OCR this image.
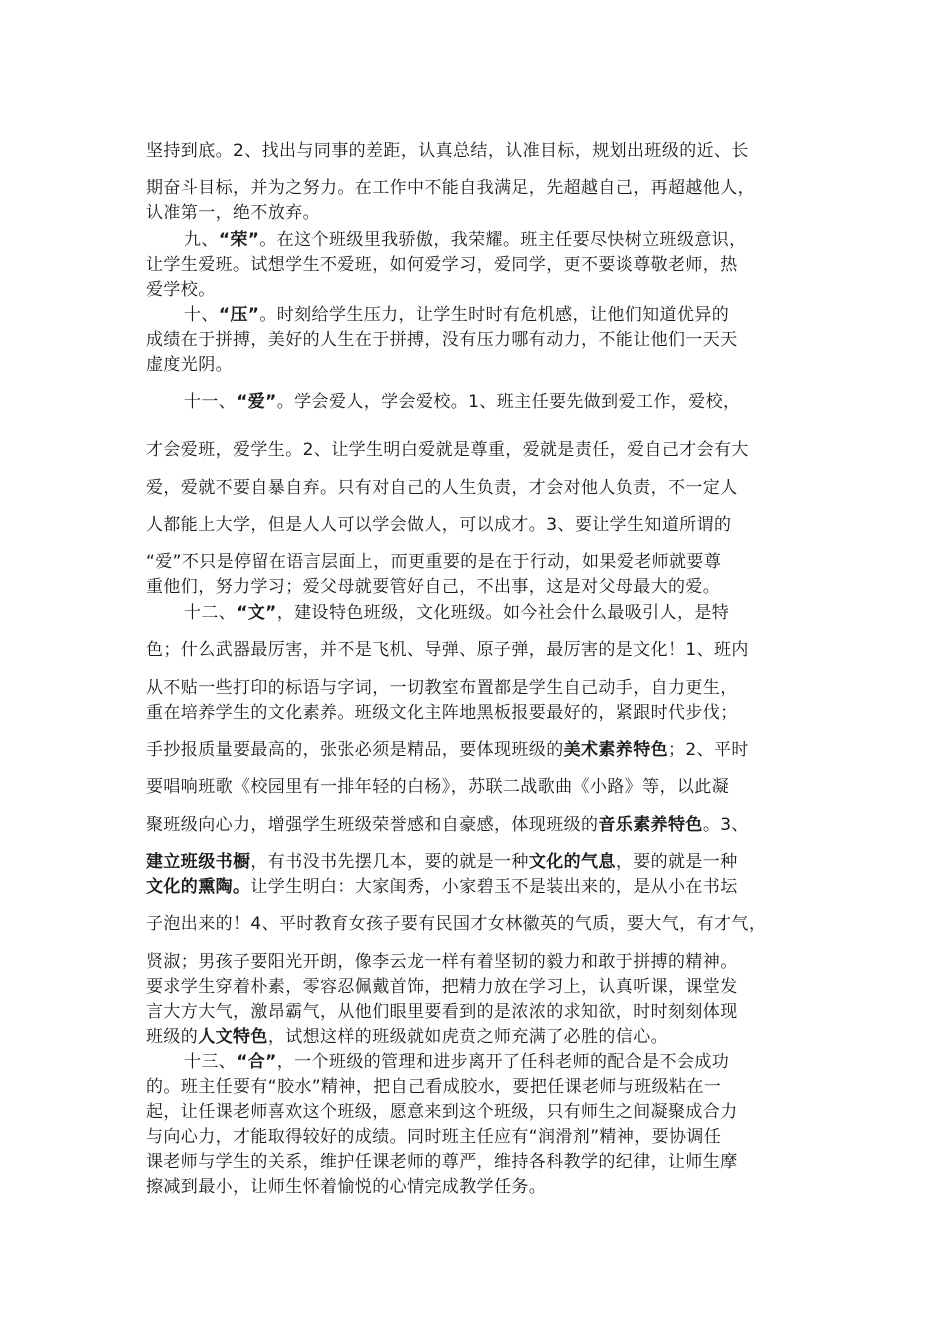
坚持到底。2、找出与同事的差距，认真总结，认准目标，规划出班级的近、长
期奋斗目标，并为之努力。在工作中不能自我满足，先超越自己，再超越他人，
认准第一，绝不放弃。
九、“荣”。在这个班级里我骄傲，我荣耀。班主任要尽快树立班级意识，
让学生爱班。试想学生不爱班，如何爱学习，爱同学，更不要谈尊敬老师，热
爱学校。
十、“压”。时刻给学生压力，让学生时时有危机感，让他们知道优异的
成绩在于拼搏，美好的人生在于拼搏，没有压力哪有动力，不能让他们一天天
虚度光阴。
十一、“爱”。学会爱人，学会爱校。1、班主任要先做到爱工作，爱校，
才会爱班，爱学生。2、让学生明白爱就是尊重，爱就是责任，爱自己才会有大
爱，爱就不要自暴自弃。只有对自己的人生负责，才会对他人负责，不一定人
人都能上大学，但是人人可以学会做人，可以成才。3、要让学生知道所谓的
“爱”不只是停留在语言层面上，而更重要的是在于行动，如果爱老师就要尊
重他们，努力学习；爱父母就要管好自己，不出事，这是对父母最大的爱。
十二、“文”，建设特色班级，文化班级。如今社会什么最吸引人，是特
色；什么武器最厉害，并不是飞机、导弹、原子弹，最厉害的是文化！1、班内
从不贴一些打印的标语与字词，一切教室布置都是学生自己动手，自力更生，
重在培养学生的文化素养。班级文化主阵地黑板报要最好的，紧跟时代步伐；
手抄报质量要最高的，张张必须是精品，要体现班级的美术素养特色；2、平时
要唱响班歌《校园里有一排年轻的白杨》，苏联二战歌曲《小路》等，以此凝
聚班级向心力，增强学生班级荣誉感和自豪感，体现班级的音乐素养特色。3、
建立班级书橱，有书没书先摆几本，要的就是一种文化的气息，要的就是一种
文化的熏陶。让学生明白：大家闺秀，小家碧玉不是装出来的，是从小在书坛
子泡出来的！4、平时教育女孩子要有民国才女林徽英的气质，要大气，有才气，
贤淑；男孩子要阳光开朗，像李云龙一样有着坚韧的毅力和敢于拼搏的精神。
要求学生穿着朴素，零容忍佩戴首饰，把精力放在学习上，认真听课，课堂发
言大方大气，激昂霸气，从他们眼里要看到的是浓浓的求知欲，时时刻刻体现
班级的人文特色，试想这样的班级就如虎贲之师充满了必胜的信心。
十三、“合”，一个班级的管理和进步离开了任科老师的配合是不会成功
的。班主任要有“胶水”精神，把自己看成胶水，要把任课老师与班级粘在一
起，让任课老师喜欢这个班级，愿意来到这个班级，只有师生之间凝聚成合力
与向心力，才能取得较好的成绩。同时班主任应有“润滑剂”精神，要协调任
课老师与学生的关系，维护任课老师的尊严，维持各科教学的纪律，让师生摩
擦减到最小，让师生怀着愉悦的心情完成教学任务。
